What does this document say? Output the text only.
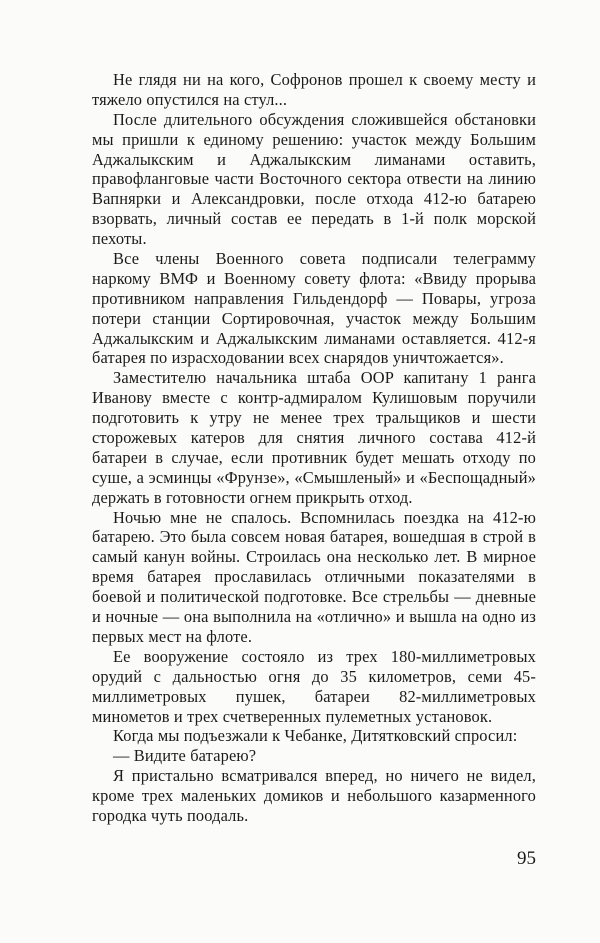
Не глядя ни на кого, Софронов прошел к своему месту и тяжело опустился на стул...

После длительного обсуждения сложившейся обстановки мы пришли к единому решению: участок между Большим Аджалыкским и Аджалыкским лиманами оставить, правофланговые части Восточного сектора отвести на линию Вапнярки и Александровки, после отхода 412-ю батарею взорвать, личный состав ее передать в 1-й полк морской пехоты.

Все члены Военного совета подписали телеграмму наркому ВМФ и Военному совету флота: «Ввиду прорыва противником направления Гильдендорф — Повары, угроза потери станции Сортировочная, участок между Большим Аджалыкским и Аджалыкским лиманами оставляется. 412-я батарея по израсходовании всех снарядов уничтожается».

Заместителю начальника штаба OOP капитану 1 ранга Иванову вместе с контр-адмиралом Кулишовым поручили подготовить к утру не менее трех тральщиков и шести сторожевых катеров для снятия личного состава 412-й батареи в случае, если противник будет мешать отходу по суше, а эсминцы «Фрунзе», «Смышленый» и «Беспощадный» держать в готовности огнем прикрыть отход.

Ночью мне не спалось. Вспомнилась поездка на 412-ю батарею. Это была совсем новая батарея, вошедшая в строй в самый канун войны. Строилась она несколько лет. В мирное время батарея прославилась отличными показателями в боевой и политической подготовке. Все стрельбы — дневные и ночные — она выполнила на «отлично» и вышла на одно из первых мест на флоте.

Ее вооружение состояло из трех 180-миллиметровых орудий с дальностью огня до 35 километров, семи 45-миллиметровых пушек, батареи 82-миллиметровых минометов и трех счетверенных пулеметных установок.

Когда мы подъезжали к Чебанке, Дитятковский спросил:

— Видите батарею?

Я пристально всматривался вперед, но ничего не видел, кроме трех маленьких домиков и небольшого казарменного городка чуть поодаль.

95
